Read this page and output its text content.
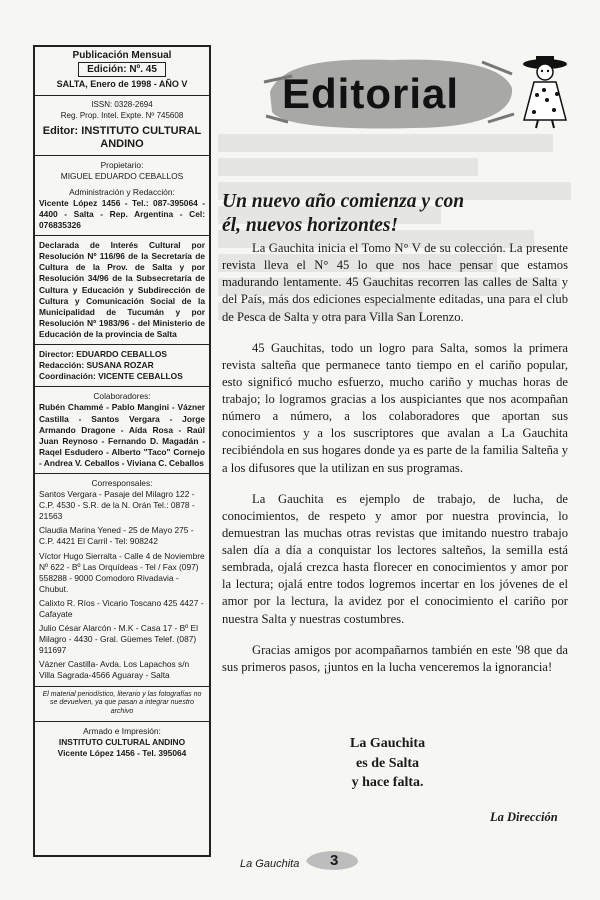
Publicación Mensual
Edición: Nº. 45
SALTA, Enero de 1998 - AÑO V
ISSN: 0328-2694
Reg. Prop. Intel. Expte. Nº 745608
Editor: INSTITUTO CULTURAL ANDINO
Propietario:
MIGUEL EDUARDO CEBALLOS
Administración y Redacción:
Vicente López 1456 - Tel.: 087-395064 - 4400 - Salta - Rep. Argentina - Cel: 076835326
Declarada de Interés Cultural por Resolución Nº 116/96 de la Secretaría de Cultura de la Prov. de Salta y por Resolución 34/96 de la Subsecretaría de Cultura y Educación y Subdirección de Cultura y Comunicación Social de la Municipalidad de Tucumán y por Resolución Nº 1983/96 - del Ministerio de Educación de la provincia de Salta
Director: EDUARDO CEBALLOS
Redacción: SUSANA ROZAR
Coordinación: VICENTE CEBALLOS
Colaboradores:
Rubén Chammé - Pablo Mangini - Vázner Castilla - Santos Vergara - Jorge Armando Dragone - Aída Rosa - Raúl Juan Reynoso - Fernando D. Magadán - Raqel Esdudero - Alberto "Taco" Cornejo - Andrea V. Ceballos - Viviana C. Ceballos
Corresponsales:
Santos Vergara - Pasaje del Milagro 122 - C.P. 4530 - S.R. de la N. Orán Tel.: 0878 - 21563
Claudia Marina Yened - 25 de Mayo 275 - C.P. 4421 El Carril - Tel: 908242
Víctor Hugo Sierralta - Calle 4 de Noviembre Nº 622 - Bº Las Orquídeas - Tel / Fax (097) 558288 - 9000 Comodoro Rivadavia - Chubut.
Calixto R. Ríos - Vicario Toscano 425 4427 - Cafayate
Julio César Alarcón - M.K - Casa 17 - Bº El Milagro - 4430 - Gral. Güemes Telef. (087) 911697
Vázner Castilla- Avda. Los Lapachos s/n Villa Sagrada-4566 Aguaray - Salta
El material periodístico, literario y las fotografías no se devuelven, ya que pasan a integrar nuestro archivo
Armado e Impresión:
INSTITUTO CULTURAL ANDINO
Vicente López 1456 - Tel. 395064
Editorial
Un nuevo año comienza y con él, nuevos horizontes!

La Gauchita inicia el Tomo N° V de su colección. La presente revista lleva el N° 45 lo que nos hace pensar que estamos madurando lentamente. 45 Gauchitas recorren las calles de Salta y del País, más dos ediciones especialmente editadas, una para el club de Pesca de Salta y otra para Villa San Lorenzo.

45 Gauchitas, todo un logro para Salta, somos la primera revista salteña que permanece tanto tiempo en el cariño popular, esto significó mucho esfuerzo, mucho cariño y muchas horas de trabajo; lo logramos gracias a los auspiciantes que nos acompañan número a número, a los colaboradores que aportan sus conocimientos y a los suscriptores que avalan a La Gauchita recibiéndola en sus hogares donde ya es parte de la familia Salteña y a los difusores que la utilizan en sus programas.

La Gauchita es ejemplo de trabajo, de lucha, de conocimientos, de respeto y amor por nuestra provincia, lo demuestran las muchas otras revistas que imitando nuestro trabajo salen día a día a conquistar los lectores salteños, la semilla está sembrada, ojalá crezca hasta florecer en conocimientos y amor por la lectura; ojalá entre todos logremos incertar en los jóvenes de el amor por la lectura, la avidez por el conocimiento el cariño por nuestra Salta y nuestras costumbres.

Gracias amigos por acompañarnos también en este '98 que da sus primeros pasos, ¡juntos en la lucha venceremos la ignorancia!

La Gauchita
es de Salta
y hace falta.
La Dirección
La Gauchita 3
